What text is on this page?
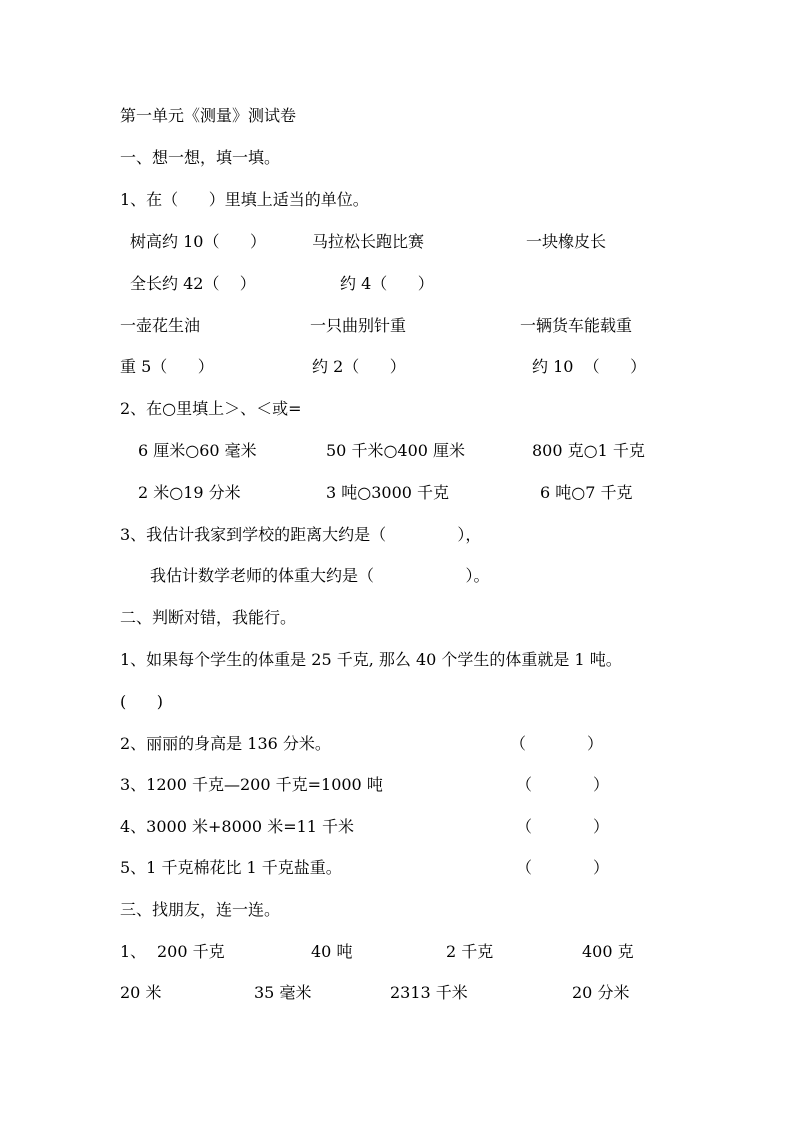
第一单元《测量》测试卷
一、想一想，填一填。
1、在（      ）里填上适当的单位。
树高约 10（      ）	马拉松长跑比赛	一块橡皮长
全长约 42（    ）	约 4（      ）
一壶花生油	一只曲别针重	一辆货车能载重
重 5（      ）	约 2（      ）	约 10  （      ）
2、在○里填上＞、＜或=
6 厘米○60 毫米	50 千米○400 厘米	800 克○1 千克
2 米○19 分米	3 吨○3000 千克	6 吨○7 千克
3、我估计我家到学校的距离大约是（              ），
我估计数学老师的体重大约是（                  ）。
二、判断对错，我能行。
1、如果每个学生的体重是 25 千克, 那么 40 个学生的体重就是 1 吨。
(      )
2、丽丽的身高是 136 分米。	（            ）
3、1200 千克—200 千克=1000 吨	（            ）
4、3000 米+8000 米=11 千米	（            ）
5、1 千克棉花比 1 千克盐重。	（            ）
三、找朋友，连一连。
1、 200 千克	40 吨	2 千克	400 克
20 米	35 毫米	2313 千米	20 分米
